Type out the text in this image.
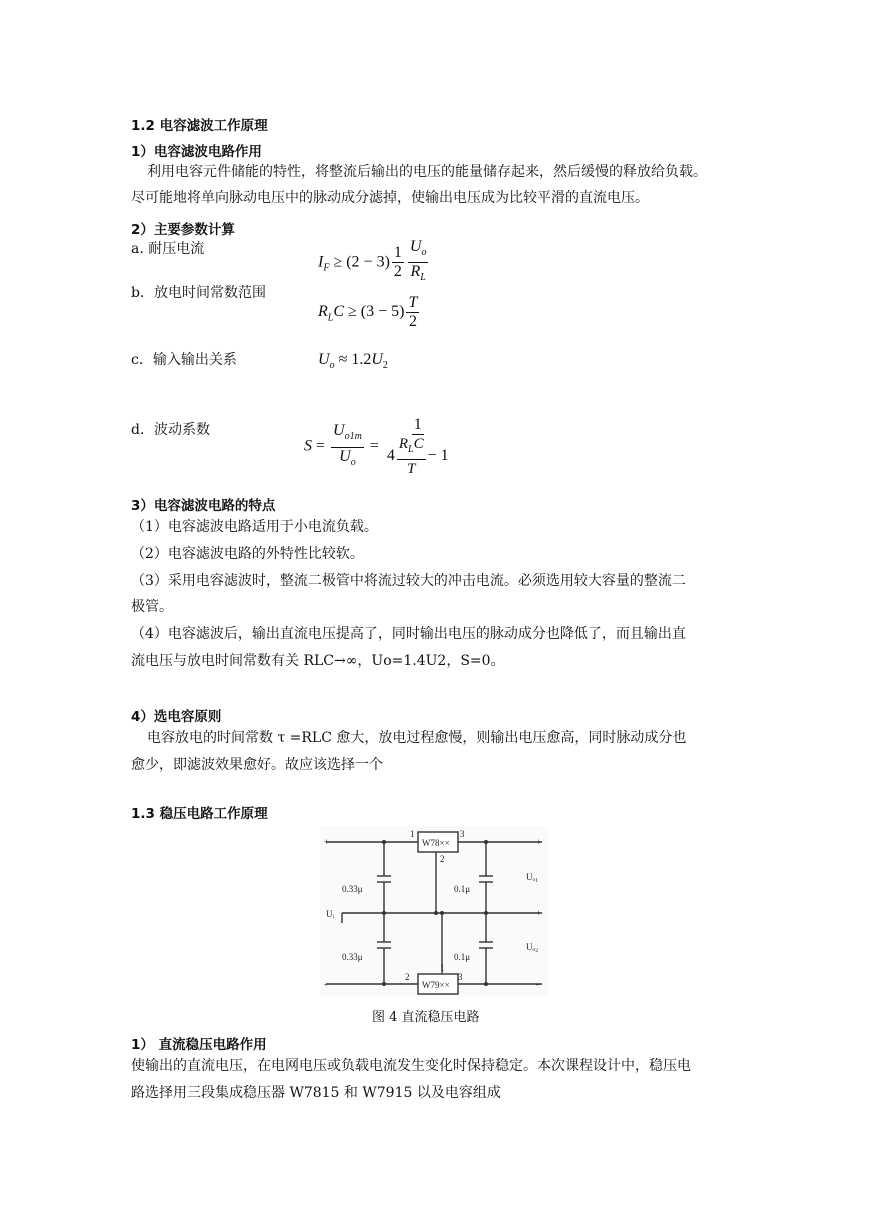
1.2 电容滤波工作原理
1）电容滤波电路作用
利用电容元件储能的特性，将整流后输出的电压的能量储存起来，然后缓慢的释放给负载。
尽可能地将单向脉动电压中的脉动成分滤掉，使输出电压成为比较平滑的直流电压。
2）主要参数计算
a. 耐压电流
$I_F \ge (2 - 3) \frac{1}{2} \frac{U_o}{R_L}$
b．放电时间常数范围
$R_LC \ge (3 - 5) \frac{T}{2}$
c．输入输出关系	$U_o \approx 1.2U_2$
d．波动系数
$S = \frac{U_{o1m}}{U_o} = \frac{1}{4 \frac{R_LC}{T} - 1}$
3）电容滤波电路的特点
（1）电容滤波电路适用于小电流负载。
（2）电容滤波电路的外特性比较软。
（3）采用电容滤波时，整流二极管中将流过较大的冲击电流。必须选用较大容量的整流二
极管。
（4）电容滤波后，输出直流电压提高了，同时输出电压的脉动成分也降低了，而且输出直
流电压与放电时间常数有关 RLC→∞，Uo=1.4U2，S=0。
4）选电容原则
电容放电的时间常数 τ =RLC 愈大，放电过程愈慢，则输出电压愈高，同时脉动成分也
愈少，即滤波效果愈好。故应该选择一个
1.3 稳压电路工作原理
W78××
W79××
1	3
2
1
2	3
0.33μ
0.33μ
0.1μ
0.1μ
Uᵢ
Uₒ₁
Uₒ₂
+	+
+
-	-
图 4 直流稳压电路
1） 直流稳压电路作用
使输出的直流电压，在电网电压或负载电流发生变化时保持稳定。本次课程设计中，稳压电
路选择用三段集成稳压器 W7815 和 W7915 以及电容组成
